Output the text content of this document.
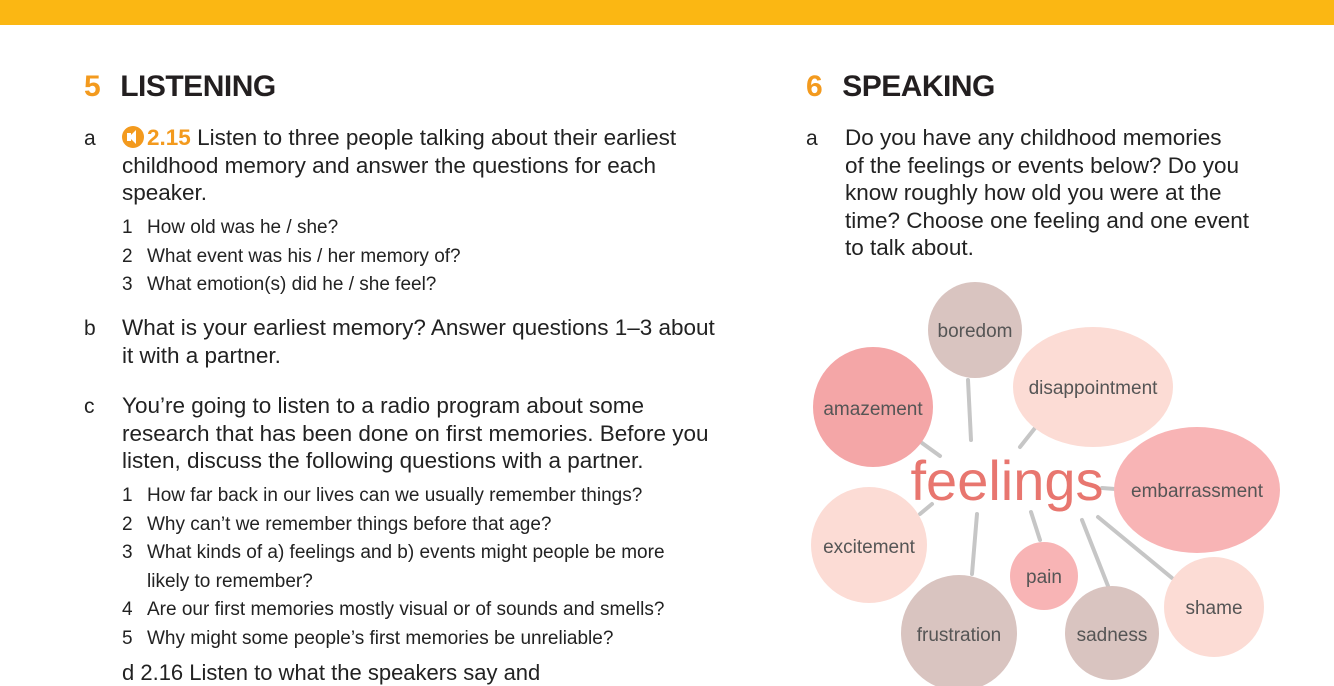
5 LISTENING
a	2.15 Listen to three people talking about their earliest
childhood memory and answer the questions for each
speaker.
1 How old was he / she?
2 What event was his / her memory of?
3 What emotion(s) did he / she feel?
b What is your earliest memory? Answer questions 1–3 about
it with a partner.
c You’re going to listen to a radio program about some
research that has been done on first memories. Before you
listen, discuss the following questions with a partner.
1 How far back in our lives can we usually remember things?
2 Why can’t we remember things before that age?
3 What kinds of a) feelings and b) events might people be more
likely to remember?
4 Are our first memories mostly visual or of sounds and smells?
5 Why might some people’s first memories be unreliable?
d 2.16 Listen to what the speakers say and
6 SPEAKING
a Do you have any childhood memories
of the feelings or events below? Do you
know roughly how old you were at the
time? Choose one feeling and one event
to talk about.
feelings
boredom
amazement
disappointment
embarrassment
excitement
pain
frustration	sadness
shame
